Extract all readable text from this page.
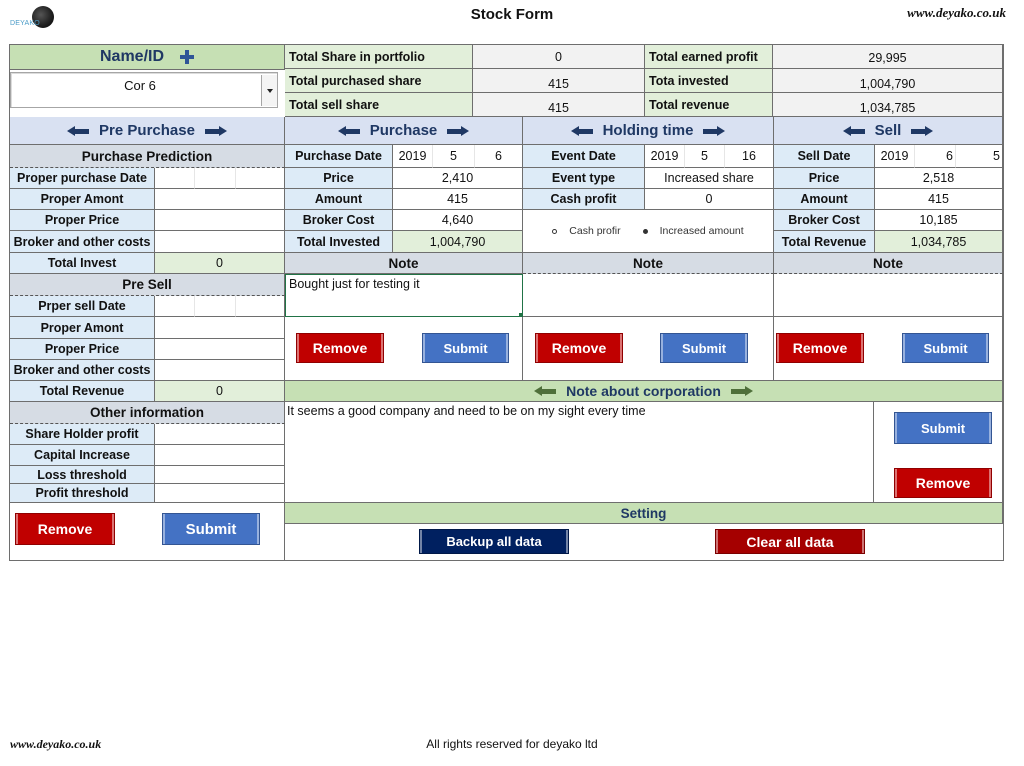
DEYAKO
Stock Form	www.deyako.co.uk
Name/ID
Cor 6
Total Share in portfolio	0
Total purchased share	415
Total sell share	415
Total earned profit	29,995
Tota invested	1,004,790
Total revenue	1,034,785
Pre Purchase	Purchase	Holding time	Sell
Purchase Prediction
Proper purchase Date
Proper Amont
Proper Price
Broker and other costs
Total Invest	0
Pre Sell
Prper sell Date
Proper Amont
Proper Price
Broker and other costs
Total Revenue	0
Other information
Share Holder profit
Capital Increase
Loss threshold
Profit threshold
Remove	Submit
Purchase Date	2019	5	6
Price	2,410
Amount	415
Broker Cost	4,640
Total Invested	1,004,790
Note
Bought just for testing it
Remove	Submit
Event Date	2019	5	16
Event type	Increased share
Cash profit	0
Cash profir	Increased amount
Note
Remove	Submit
Sell Date	2019	6	5
Price	2,518
Amount	415
Broker Cost	10,185
Total Revenue	1,034,785
Note
Remove	Submit
Note about corporation
It seems a good company and need to be on my sight every time
Submit
Remove
Setting
Backup all data	Clear all data
www.deyako.co.uk	All rights reserved for deyako ltd
